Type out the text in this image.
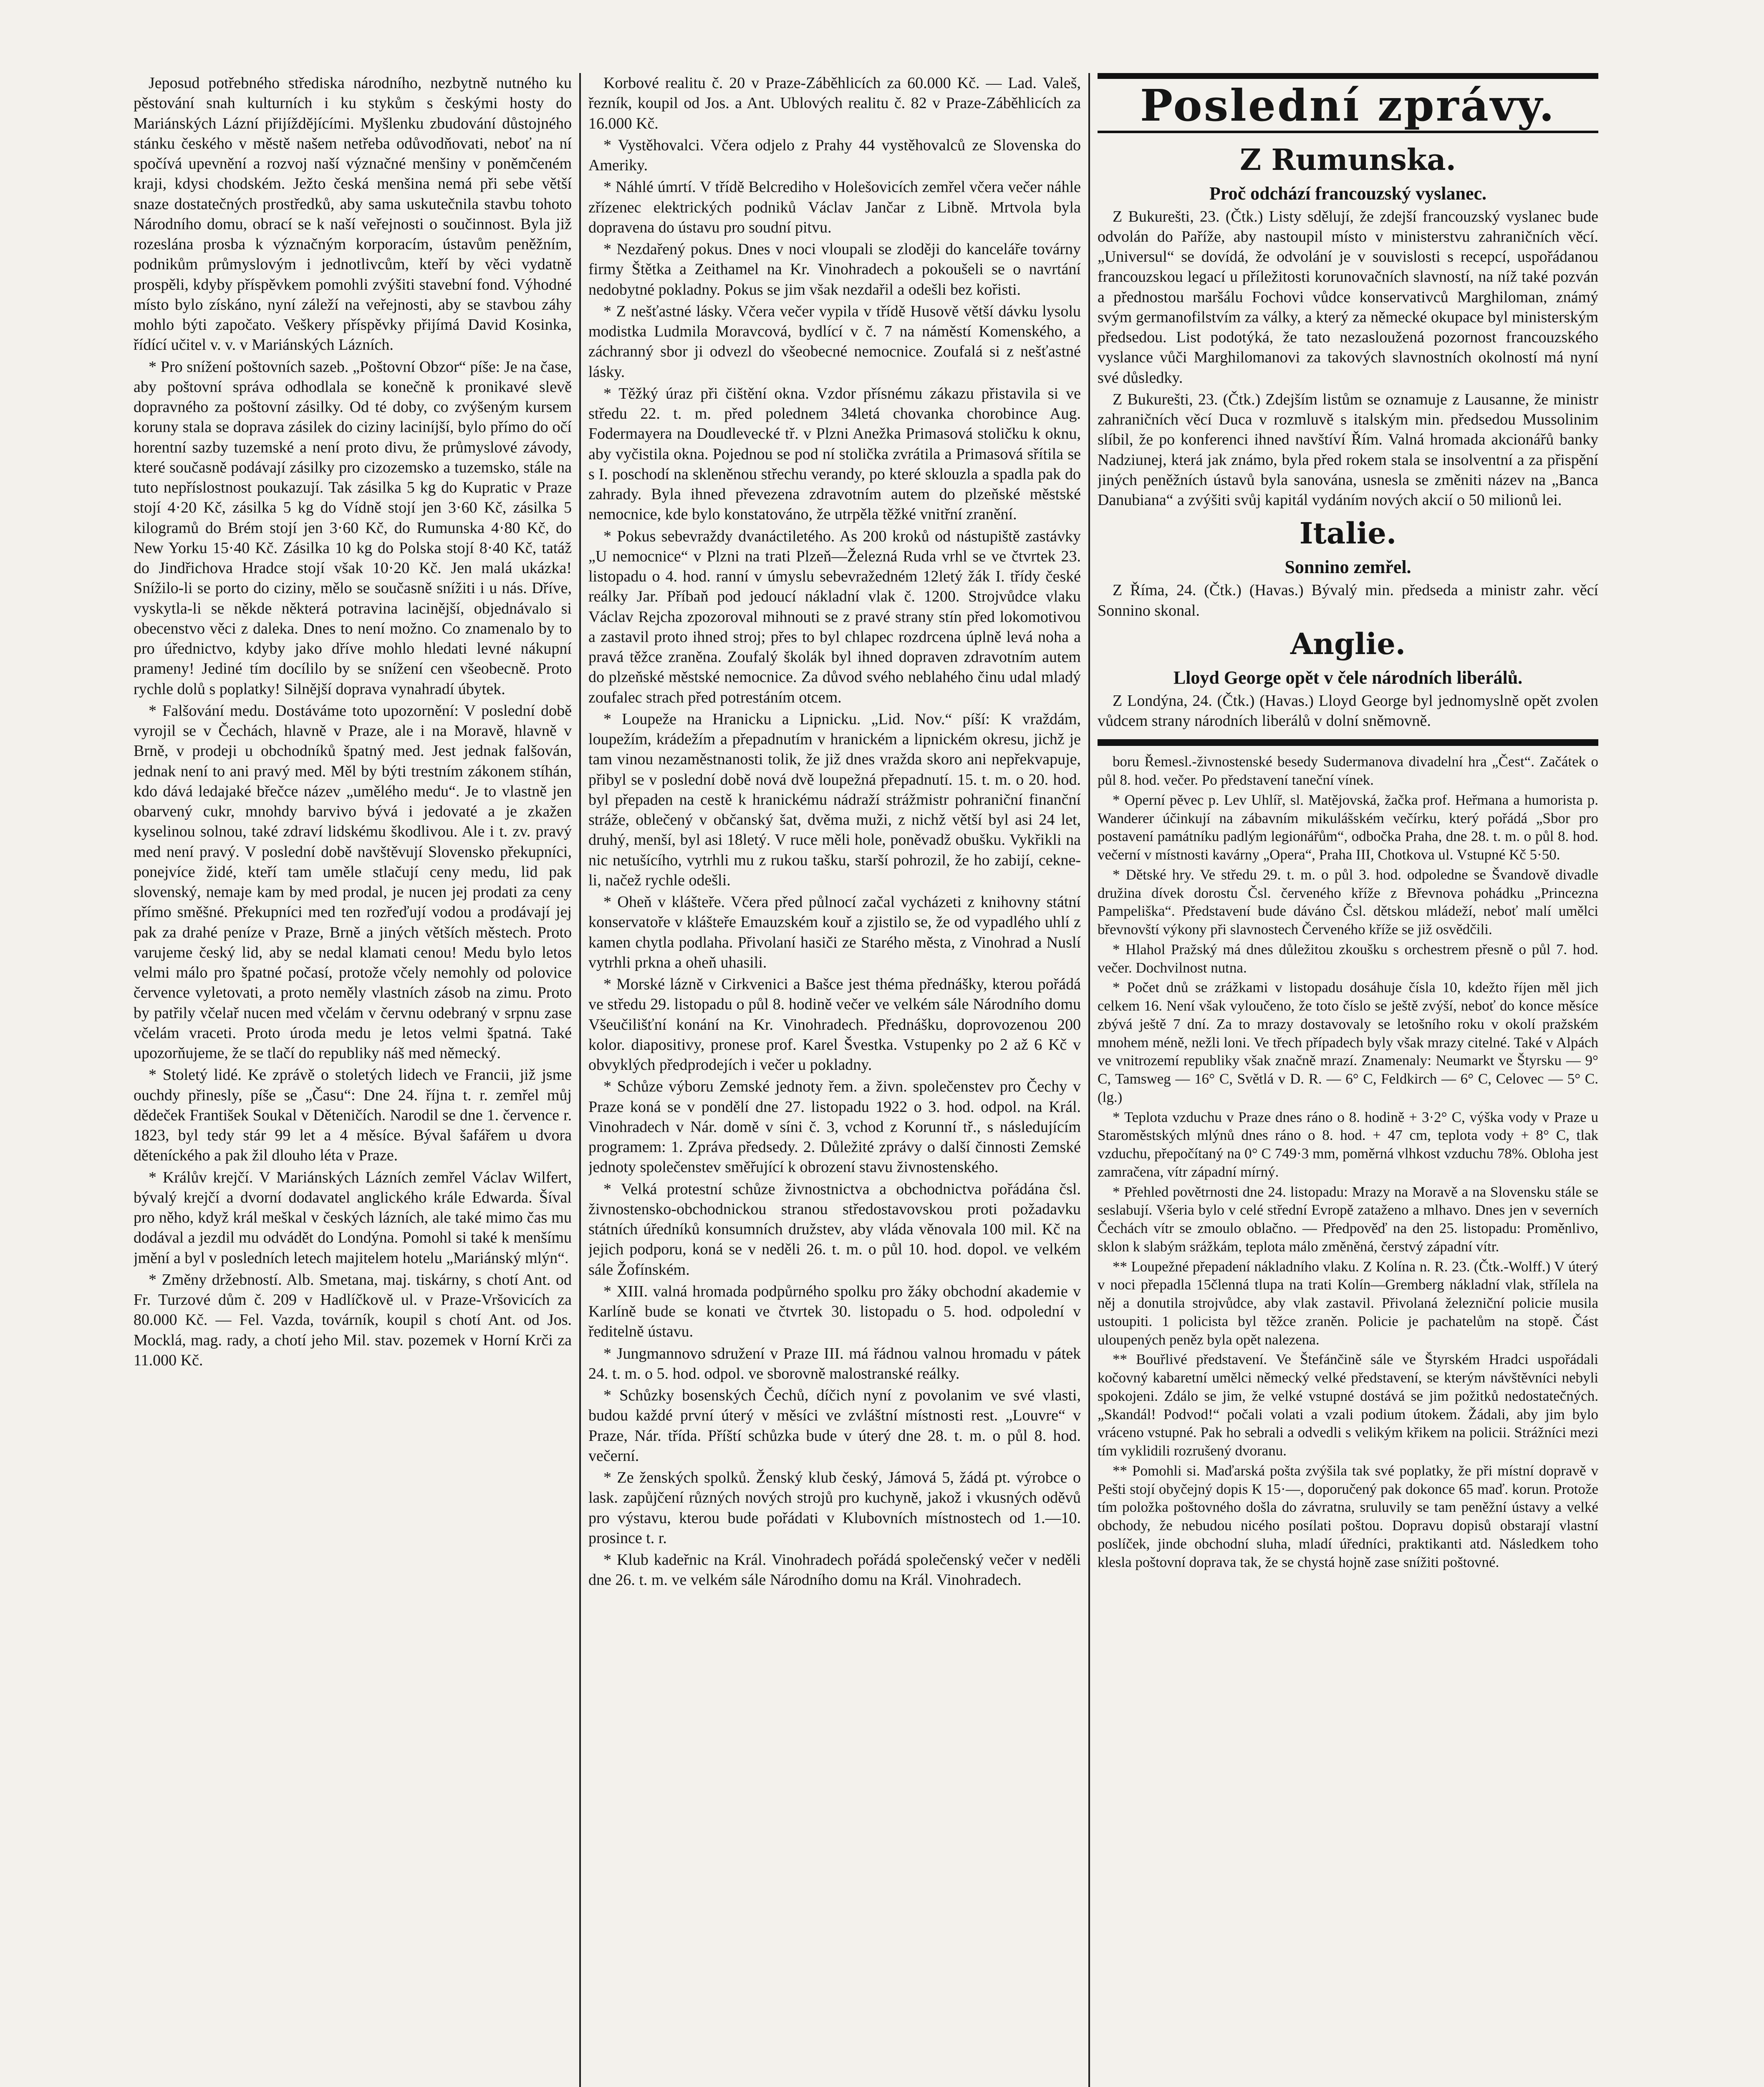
Jeposud potřebného střediska národního, nezbytně nutného ku pěstování snah kulturních i ku stykům s českými hosty do Mariánských Lázní přijíždějícími. Myšlenku zbudování důstojného stánku českého v městě našem netřeba odůvodňovati, neboť na ní spočívá upevnění a rozvoj naší význačné menšiny v poněmčeném kraji, kdysi chodském. Ježto česká menšina nemá při sebe větší snaze dostatečných prostředků, aby sama uskutečnila stavbu tohoto Národního domu, obrací se k naší veřejnosti o součinnost. Byla již rozeslána prosba k význačným korporacím, ústavům peněžním, podnikům průmyslovým i jednotlivcům, kteří by věci vydatně prospěli, kdyby příspěvkem pomohli zvýšiti stavební fond. Výhodné místo bylo získáno, nyní záleží na veřejnosti, aby se stavbou záhy mohlo býti započato. Veškery příspěvky přijímá David Kosinka, řídící učitel v. v. v Mariánských Lázních.

* Pro snížení poštovních sazeb. „Poštovní Obzor“ píše: Je na čase, aby poštovní správa odhodlala se konečně k pronikavé slevě dopravného za poštovní zásilky. Od té doby, co zvýšeným kursem koruny stala se doprava zásilek do ciziny laciníjší, bylo přímo do očí horentní sazby tuzemské a není proto divu, že průmyslové závody, které současně podávají zásilky pro cizozemsko a tuzemsko, stále na tuto nepříslostnost poukazují. Tak zásilka 5 kg do Kupratic v Praze stojí 4·20 Kč, zásilka 5 kg do Vídně stojí jen 3·60 Kč, zásilka 5 kilogramů do Brém stojí jen 3·60 Kč, do Rumunska 4·80 Kč, do New Yorku 15·40 Kč. Zásilka 10 kg do Polska stojí 8·40 Kč, tatáž do Jindřichova Hradce stojí však 10·20 Kč. Jen malá ukázka! Snížilo-li se porto do ciziny, mělo se současně snížiti i u nás. Dříve, vyskytla-li se někde některá potravina lacinější, objednávalo si obecenstvo věci z daleka. Dnes to není možno. Co znamenalo by to pro úřednictvo, kdyby jako dříve mohlo hledati levné nákupní prameny! Jediné tím docílilo by se snížení cen všeobecně. Proto rychle dolů s poplatky! Silnější doprava vynahradí úbytek.

* Falšování medu. Dostáváme toto upozornění: V poslední době vyrojil se v Čechách, hlavně v Praze, ale i na Moravě, hlavně v Brně, v prodeji u obchodníků špatný med. Jest jednak falšován, jednak není to ani pravý med. Měl by býti trestním zákonem stíhán, kdo dává ledajaké břečce název „umělého medu“. Je to vlastně jen obarvený cukr, mnohdy barvivo bývá i jedovaté a je zkažen kyselinou solnou, také zdraví lidskému škodlivou. Ale i t. zv. pravý med není pravý. V poslední době navštěvují Slovensko překupníci, ponejvíce židé, kteří tam uměle stlačují ceny medu, lid pak slovenský, nemaje kam by med prodal, je nucen jej prodati za ceny přímo směšné. Překupníci med ten rozřeďují vodou a prodávají jej pak za drahé peníze v Praze, Brně a jiných větších městech. Proto varujeme český lid, aby se nedal klamati cenou! Medu bylo letos velmi málo pro špatné počasí, protože včely nemohly od polovice července vyletovati, a proto neměly vlastních zásob na zimu. Proto by patřily včelař nucen med včelám v červnu odebraný v srpnu zase včelám vraceti. Proto úroda medu je letos velmi špatná. Také upozorňujeme, že se tlačí do republiky náš med německý.

* Stoletý lidé. Ke zprávě o stoletých lidech ve Francii, již jsme ouchdy přinesly, píše se „Času“: Dne 24. října t. r. zemřel můj dědeček František Soukal v Děteničích. Narodil se dne 1. července r. 1823, byl tedy stár 99 let a 4 měsíce. Býval šafářem u dvora děteníckého a pak žil dlouho léta v Praze.

* Králův krejčí. V Mariánských Lázních zemřel Václav Wilfert, bývalý krejčí a dvorní dodavatel anglického krále Edwarda. Šíval pro něho, když král meškal v českých lázních, ale také mimo čas mu dodával a jezdil mu odvádět do Londýna. Pomohl si také k menšímu jmění a byl v posledních letech majitelem hotelu „Mariánský mlýn“.

* Změny držebností. Alb. Smetana, maj. tiskárny, s chotí Ant. od Fr. Turzové dům č. 209 v Hadlíčkově ul. v Praze-Vršovicích za 80.000 Kč. — Fel. Vazda, továrník, koupil s chotí Ant. od Jos. Mocklá, mag. rady, a chotí jeho Mil. stav. pozemek v Horní Krči za 11.000 Kč.

Korbové realitu č. 20 v Praze-Záběhlicích za 60.000 Kč. — Lad. Valeš, řezník, koupil od Jos. a Ant. Ublových realitu č. 82 v Praze-Záběhlicích za 16.000 Kč.

* Vystěhovalci. Včera odjelo z Prahy 44 vystěhovalců ze Slovenska do Ameriky.

* Náhlé úmrtí. V třídě Belcrediho v Holešovicích zemřel včera večer náhle zřízenec elektrických podniků Václav Jančar z Libně. Mrtvola byla dopravena do ústavu pro soudní pitvu.

* Nezdařený pokus. Dnes v noci vloupali se zloději do kanceláře továrny firmy Štětka a Zeithamel na Kr. Vinohradech a pokoušeli se o navrtání nedobytné pokladny. Pokus se jim však nezdařil a odešli bez kořisti.

* Z nešťastné lásky. Včera večer vypila v třídě Husově větší dávku lysolu modistka Ludmila Moravcová, bydlící v č. 7 na náměstí Komenského, a záchranný sbor ji odvezl do všeobecné nemocnice. Zoufalá si z nešťastné lásky.

* Těžký úraz při čištění okna. Vzdor přísnému zákazu přistavila si ve středu 22. t. m. před polednem 34letá chovanka chorobince Aug. Fodermayera na Doudlevecké tř. v Plzni Anežka Primasová stoličku k oknu, aby vyčistila okna. Pojednou se pod ní stolička zvrátila a Primasová sřítila se s I. poschodí na skleněnou střechu verandy, po které sklouzla a spadla pak do zahrady. Byla ihned převezena zdravotním autem do plzeňské městské nemocnice, kde bylo konstatováno, že utrpěla těžké vnitřní zranění.

* Pokus sebevraždy dvanáctiletého. As 200 kroků od nástupiště zastávky „U nemocnice“ v Plzni na trati Plzeň—Železná Ruda vrhl se ve čtvrtek 23. listopadu o 4. hod. ranní v úmyslu sebevražedném 12letý žák I. třídy české reálky Jar. Příbaň pod jedoucí nákladní vlak č. 1200. Strojvůdce vlaku Václav Rejcha zpozoroval mihnouti se z pravé strany stín před lokomotivou a zastavil proto ihned stroj; přes to byl chlapec rozdrcena úplně levá noha a pravá těžce zraněna. Zoufalý školák byl ihned dopraven zdravotním autem do plzeňské městské nemocnice. Za důvod svého neblahého činu udal mladý zoufalec strach před potrestáním otcem.

* Loupeže na Hranicku a Lipnicku. „Lid. Nov.“ píší: K vraždám, loupežím, krádežím a přepadnutím v hranickém a lipnickém okresu, jichž je tam vinou nezaměstnanosti tolik, že již dnes vražda skoro ani nepřekvapuje, přibyl se v poslední době nová dvě loupežná přepadnutí. 15. t. m. o 20. hod. byl přepaden na cestě k hranickému nádraží strážmistr pohraniční finanční stráže, oblečený v občanský šat, dvěma muži, z nichž větší byl asi 24 let, druhý, menší, byl asi 18letý. V ruce měli hole, poněvadž obušku. Vykřikli na nic netušícího, vytrhli mu z rukou tašku, starší pohrozil, že ho zabijí, cekne-li, načež rychle odešli.

* Oheň v klášteře. Včera před půlnocí začal vycházeti z knihovny státní konservatoře v klášteře Emauzském kouř a zjistilo se, že od vypadlého uhlí z kamen chytla podlaha. Přivolaní hasiči ze Starého města, z Vinohrad a Nuslí vytrhli prkna a oheň uhasili.

* Morské lázně v Cirkvenici a Bašce jest théma přednášky, kterou pořádá ve středu 29. listopadu o půl 8. hodině večer ve velkém sále Národního domu Všeučilišťní konání na Kr. Vinohradech. Přednášku, doprovozenou 200 kolor. diapositivy, pronese prof. Karel Švestka. Vstupenky po 2 až 6 Kč v obvyklých předprodejích i večer u pokladny.

* Schůze výboru Zemské jednoty řem. a živn. společenstev pro Čechy v Praze koná se v pondělí dne 27. listopadu 1922 o 3. hod. odpol. na Král. Vinohradech v Nár. domě v síni č. 3, vchod z Korunní tř., s následujícím programem: 1. Zpráva předsedy. 2. Důležité zprávy o další činnosti Zemské jednoty společenstev směřující k obrození stavu živnostenského.

* Velká protestní schůze živnostnictva a obchodnictva pořádána čsl. živnostensko-obchodnickou stranou středostavovskou proti požadavku státních úředníků konsumních družstev, aby vláda věnovala 100 mil. Kč na jejich podporu, koná se v neděli 26. t. m. o půl 10. hod. dopol. ve velkém sále Žofínském.

* XIII. valná hromada podpůrného spolku pro žáky obchodní akademie v Karlíně bude se konati ve čtvrtek 30. listopadu o 5. hod. odpolední v ředitelně ústavu.

* Jungmannovo sdružení v Praze III. má řádnou valnou hromadu v pátek 24. t. m. o 5. hod. odpol. ve sborovně malostranské reálky.

* Schůzky bosenských Čechů, díčich nyní z povolanim ve své vlasti, budou každé první úterý v měsíci ve zvláštní místnosti rest. „Louvre“ v Praze, Nár. třída. Příští schůzka bude v úterý dne 28. t. m. o půl 8. hod. večerní.

* Ze ženských spolků. Ženský klub český, Jámová 5, žádá pt. výrobce o lask. zapůjčení různých nových strojů pro kuchyně, jakož i vkusných oděvů pro výstavu, kterou bude pořádati v Klubovních místnostech od 1.—10. prosince t. r.

* Klub kadeřnic na Král. Vinohradech pořádá společenský večer v neděli dne 26. t. m. ve velkém sále Národního domu na Král. Vinohradech.

Poslední zprávy.
Z Rumunska.
Proč odchází francouzský vyslanec.

Z Bukurešti, 23. (Čtk.) Listy sdělují, že zdejší francouzský vyslanec bude odvolán do Paříže, aby nastoupil místo v ministerstvu zahraničních věcí. „Universul“ se dovídá, že odvolání je v souvislosti s recepcí, uspořádanou francouzskou legací u příležitosti korunovačních slavností, na níž také pozván a přednostou maršálu Fochovi vůdce konservativců Marghiloman, známý svým germanofilstvím za války, a který za německé okupace byl ministerským předsedou. List podotýká, že tato nezasloužená pozornost francouzského vyslance vůči Marghilomanovi za takových slavnostních okolností má nyní své důsledky.

Z Bukurešti, 23. (Čtk.) Zdejším listům se oznamuje z Lausanne, že ministr zahraničních věcí Duca v rozmluvě s italským min. předsedou Mussolinim slíbil, že po konferenci ihned navštíví Řím. Valná hromada akcionářů banky Nadziunej, která jak známo, byla před rokem stala se insolventní a za přispění jiných peněžních ústavů byla sanována, usnesla se změniti název na „Banca Danubiana“ a zvýšiti svůj kapitál vydáním nových akcií o 50 milionů lei.

Italie.
Sonnino zemřel.

Z Říma, 24. (Čtk.) (Havas.) Bývalý min. předseda a ministr zahr. věcí Sonnino skonal.

Anglie.
Lloyd George opět v čele národních liberálů.

Z Londýna, 24. (Čtk.) (Havas.) Lloyd George byl jednomyslně opět zvolen vůdcem strany národních liberálů v dolní sněmovně.

boru Řemesl.-živnostenské besedy Sudermanova divadelní hra „Čest“. Začátek o půl 8. hod. večer. Po představení taneční vínek.

* Operní pěvec p. Lev Uhlíř, sl. Matějovská, žačka prof. Heřmana a humorista p. Wanderer účinkují na zábavním mikulášském večírku, který pořádá „Sbor pro postavení památníku padlým legionářům“, odbočka Praha, dne 28. t. m. o půl 8. hod. večerní v místnosti kavárny „Opera“, Praha III, Chotkova ul. Vstupné Kč 5·50.

* Dětské hry. Ve středu 29. t. m. o půl 3. hod. odpoledne se Švandově divadle družina dívek dorostu Čsl. červeného kříže z Břevnova pohádku „Princezna Pampeliška“. Představení bude dáváno Čsl. dětskou mládeží, neboť malí umělci břevnovští výkony při slavnostech Červeného kříže se již osvědčili.

* Hlahol Pražský má dnes důležitou zkoušku s orchestrem přesně o půl 7. hod. večer. Dochvilnost nutna.

* Počet dnů se zrážkami v listopadu dosáhuje čísla 10, kdežto říjen měl jich celkem 16. Není však vyloučeno, že toto číslo se ještě zvýší, neboť do konce měsíce zbývá ještě 7 dní. Za to mrazy dostavovaly se letošního roku v okolí pražském mnohem méně, nežli loni. Ve třech případech byly však mrazy citelné. Také v Alpách ve vnitrozemí republiky však značně mrazí. Znamenaly: Neumarkt ve Štyrsku — 9° C, Tamsweg — 16° C, Světlá v D. R. — 6° C, Feldkirch — 6° C, Celovec — 5° C. (lg.)

* Teplota vzduchu v Praze dnes ráno o 8. hodině + 3·2° C, výška vody v Praze u Staroměstských mlýnů dnes ráno o 8. hod. + 47 cm, teplota vody + 8° C, tlak vzduchu, přepočítaný na 0° C 749·3 mm, poměrná vlhkost vzduchu 78%. Obloha jest zamračena, vítr západní mírný.

* Přehled povětrnosti dne 24. listopadu: Mrazy na Moravě a na Slovensku stále se seslabují. Všeria bylo v celé střední Evropě zataženo a mlhavo. Dnes jen v severních Čechách vítr se zmoulo oblačno. — Předpověď na den 25. listopadu: Proměnlivo, sklon k slabým srážkám, teplota málo změněná, čerstvý západní vítr.

** Loupežné přepadení nákladního vlaku. Z Kolína n. R. 23. (Čtk.-Wolff.) V úterý v noci přepadla 15členná tlupa na trati Kolín—Gremberg nákladní vlak, střílela na něj a donutila strojvůdce, aby vlak zastavil. Přivolaná železniční policie musila ustoupiti. 1 policista byl těžce zraněn. Policie je pachatelům na stopě. Část uloupených peněz byla opět nalezena.

** Bouřlivé představení. Ve Štefánčině sále ve Štyrském Hradci uspořádali kočovný kabaretní umělci německý velké představení, se kterým návštěvníci nebyli spokojeni. Zdálo se jim, že velké vstupné dostává se jim požitků nedostatečných. „Skandál! Podvod!“ počali volati a vzali podium útokem. Žádali, aby jim bylo vráceno vstupné. Pak ho sebrali a odvedli s velikým křikem na policii. Strážníci mezi tím vyklidili rozrušený dvoranu.

** Pomohli si. Maďarská pošta zvýšila tak své poplatky, že při místní dopravě v Pešti stojí obyčejný dopis K 15·—, doporučený pak dokonce 65 maď. korun. Protože tím položka poštovného došla do závratna, sruluvily se tam peněžní ústavy a velké obchody, že nebudou nicého posílati poštou. Dopravu dopisů obstarají vlastní poslíček, jinde obchodní sluha, mladí úředníci, praktikanti atd. Následkem toho klesla poštovní doprava tak, že se chystá hojně zase snížiti poštovné.
